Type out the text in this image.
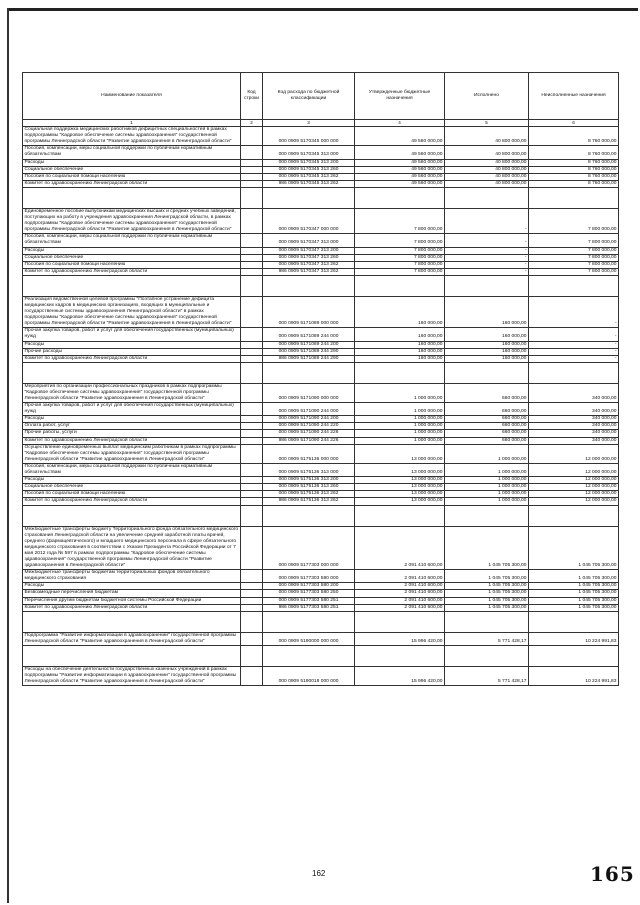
Наименование показателя	Код строки	Код расхода по бюджетной классификации	Утвержденные бюджетные назначения	Исполнено	Неисполненные назначения
1	2	3	4	5	6
Социальная поддержка медицинских работников дефицитных специальностей в рамках подпрограммы "Кадровое обеспечение системы здравоохранения" государственной программы Ленинградской области "Развитие здравоохранения в Ленинградской области"		000 0909 5170345 000 000	49 560 000,00	40 800 000,00	8 760 000,00
Пособия, компенсации, меры социальной поддержки по публичным нормативным обязательствам		000 0909 5170345 313 000	49 560 000,00	40 800 000,00	8 760 000,00
Расходы		000 0909 5170345 313 200	49 560 000,00	40 800 000,00	8 760 000,00
Социальное обеспечение		000 0909 5170345 313 260	49 560 000,00	40 800 000,00	8 760 000,00
Пособия по социальной помощи населению		000 0909 5170345 313 262	49 560 000,00	40 800 000,00	8 760 000,00
Комитет по здравоохранению Ленинградской области		986 0909 5170345 313 262	49 560 000,00	40 800 000,00	8 760 000,00

Единовременное пособие выпускникам медицинских высших и средних учебных заведений, поступающих на работу в учреждения здравоохранения Ленинградской области, в рамках подпрограммы "Кадровое обеспечение системы здравоохранения" государственной программы Ленинградской области "Развитие здравоохранения в Ленинградской области"		000 0909 5170347 000 000	7 800 000,00	-	7 800 000,00
Пособия, компенсации, меры социальной поддержки по публичным нормативным обязательствам		000 0909 5170347 313 000	7 800 000,00	-	7 800 000,00
Расходы		000 0909 5170347 313 200	7 800 000,00	-	7 800 000,00
Социальное обеспечение		000 0909 5170347 313 260	7 800 000,00	-	7 800 000,00
Пособия по социальной помощи населению		000 0909 5170347 313 262	7 800 000,00	-	7 800 000,00
Комитет по здравоохранению Ленинградской области		986 0909 5170347 313 262	7 800 000,00	-	7 800 000,00

Реализация ведомственной целевой программы "Поэтапное устранение дефицита медицинских кадров в медицинских организациях, входящих в муниципальные и государственные системы здравоохранения Ленинградской области" в рамках подпрограммы "Кадровое обеспечение системы здравоохранения" государственной программы Ленинградской области "Развитие здравоохранения в Ленинградской области"		000 0909 5171089 000 000	160 000,00	160 000,00	-
Прочая закупка товаров, работ и услуг для обеспечения государственных (муниципальных) нужд		000 0909 5171089 244 000	160 000,00	160 000,00	-
Расходы		000 0909 5171089 244 200	160 000,00	160 000,00	-
Прочие расходы		000 0909 5171089 244 290	160 000,00	160 000,00	-
Комитет по здравоохранению Ленинградской области		986 0909 5171089 244 290	160 000,00	160 000,00	-

Мероприятия по организации профессиональных праздников в рамках подпрограммы "Кадровое обеспечение системы здравоохранения" государственной программы Ленинградской области "Развитие здравоохранения в Ленинградской области"		000 0909 5171090 000 000	1 000 000,00	660 000,00	340 000,00
Прочая закупка товаров, работ и услуг для обеспечения государственных (муниципальных) нужд		000 0909 5171090 244 000	1 000 000,00	660 000,00	340 000,00
Расходы		000 0909 5171090 244 200	1 000 000,00	660 000,00	340 000,00
Оплата работ, услуг		000 0909 5171090 244 220	1 000 000,00	660 000,00	340 000,00
Прочие работы, услуги		000 0909 5171090 244 226	1 000 000,00	660 000,00	340 000,00
Комитет по здравоохранению Ленинградской области		986 0909 5171090 244 226	1 000 000,00	660 000,00	340 000,00
Осуществление единовременных выплат медицинским работникам в рамках подпрограммы "Кадровое обеспечение системы здравоохранения" государственной программы Ленинградской области "Развитие здравоохранения в Ленинградской области"		000 0909 5175136 000 000	13 000 000,00	1 000 000,00	12 000 000,00
Пособия, компенсации, меры социальной поддержки по публичным нормативным обязательствам		000 0909 5175136 313 000	13 000 000,00	1 000 000,00	12 000 000,00
Расходы		000 0909 5175136 313 200	13 000 000,00	1 000 000,00	12 000 000,00
Социальное обеспечение		000 0909 5175136 313 260	13 000 000,00	1 000 000,00	12 000 000,00
Пособия по социальной помощи населению		000 0909 5175136 313 262	13 000 000,00	1 000 000,00	12 000 000,00
Комитет по здравоохранению Ленинградской области		986 0909 5175136 313 262	13 000 000,00	1 000 000,00	12 000 000,00

Межбюджетные трансферты бюджету Территориального фонда обязательного медицинского страхования Ленинградской области на увеличение средней заработной платы врачей, среднего (фармацевтического) и младшего медицинского персонала в сфере обязательного медицинского страхования в соответствии с Указом Президента Российской Федерации от 7 мая 2012 года № 597 в рамках подпрограммы "Кадровое обеспечение системы здравоохранения" государственной программы Ленинградской области "Развитие здравоохранения в Ленинградской области"		000 0909 5177303 000 000	2 091 410 600,00	1 045 705 300,00	1 045 705 300,00
Межбюджетные трансферты бюджетам территориальных фондов обязательного медицинского страхования		000 0909 5177303 580 000	2 091 410 600,00	1 045 705 300,00	1 045 705 300,00
Расходы		000 0909 5177303 580 200	2 091 410 600,00	1 045 705 300,00	1 045 705 300,00
Безвозмездные перечисления бюджетам		000 0909 5177303 580 250	2 091 410 600,00	1 045 705 300,00	1 045 705 300,00
Перечисления другим бюджетам бюджетной системы Российской Федерации		000 0909 5177303 580 251	2 091 410 600,00	1 045 705 300,00	1 045 705 300,00
Комитет по здравоохранению Ленинградской области		986 0909 5177303 580 251	2 091 410 600,00	1 045 705 300,00	1 045 705 300,00

Подпрограмма "Развитие информатизации в здравоохранении" государственной программы Ленинградской области "Развитие здравоохранения в Ленинградской области"		000 0909 5190000 000 000	15 996 420,00	5 771 428,17	10 224 991,83

Расходы на обеспечение деятельности государственных казенных учреждений в рамках подпрограммы "Развитие информатизации в здравоохранении" государственной программы Ленинградской области "Развитие здравоохранения в Ленинградской области"		000 0909 5190018 000 000	15 996 420,00	5 771 428,17	10 224 991,83
162	165
